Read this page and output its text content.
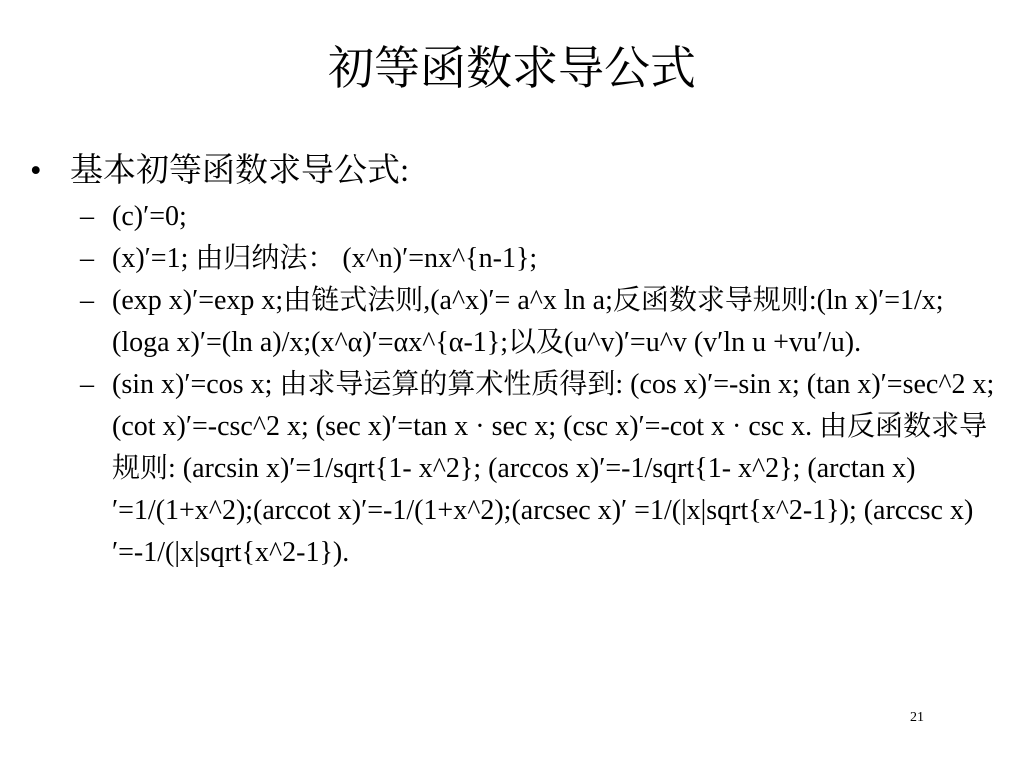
初等函数求导公式
• 基本初等函数求导公式:
– (c)′=0;
– (x)′=1; 由归纳法： (x^n)′=nx^{n-1};
– (exp x)′=exp x;由链式法则,(a^x)′= a^x ln a;反函数求导规则:(ln x)′=1/x;(loga x)′=(ln a)/x;(x^α)′=αx^{α-1};以及(u^v)′=u^v (v′ln u +vu′/u).
– (sin x)′=cos x; 由求导运算的算术性质得到: (cos x)′=-sin x; (tan x)′=sec^2 x; (cot x)′=-csc^2 x; (sec x)′=tan x · sec x; (csc x)′=-cot x · csc x. 由反函数求导规则: (arcsin x)′=1/sqrt{1- x^2}; (arccos x)′=-1/sqrt{1- x^2}; (arctan x)′=1/(1+x^2);(arccot x)′=-1/(1+x^2);(arcsec x)′ =1/(|x|sqrt{x^2-1}); (arccsc x)′=-1/(|x|sqrt{x^2-1}).
21
